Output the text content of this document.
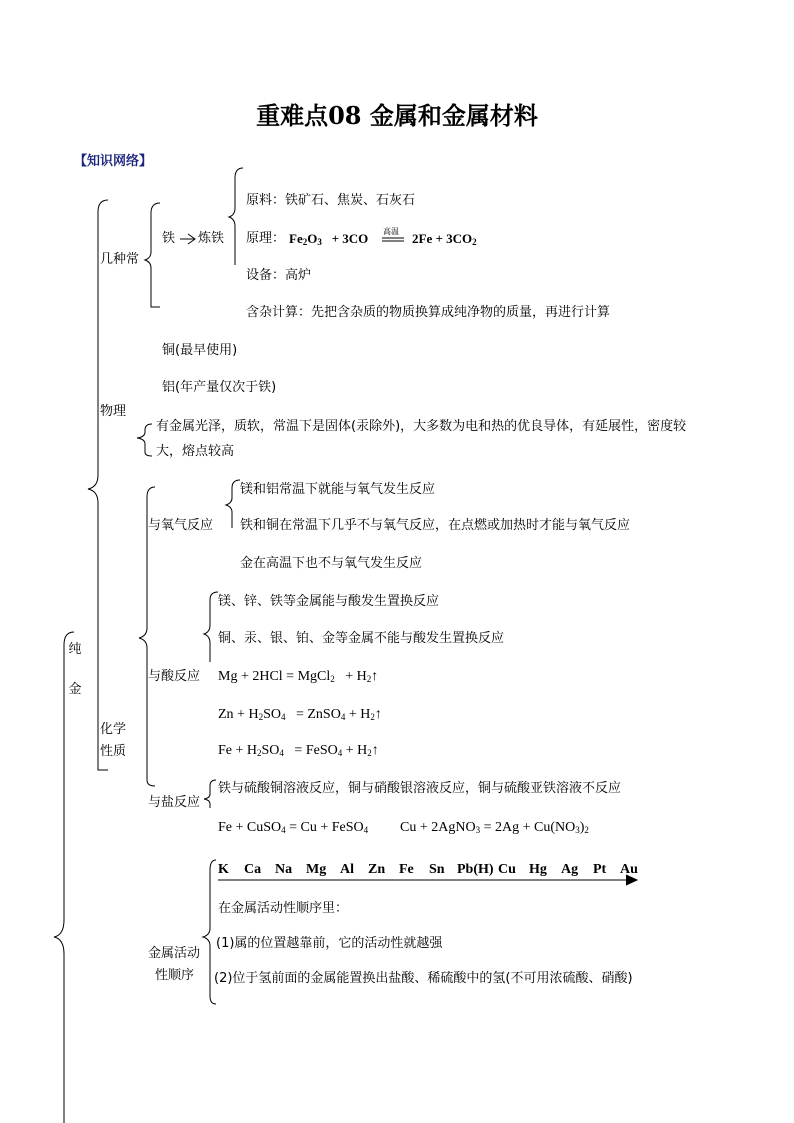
重难点08 金属和金属材料
【知识网络】
纯
金
几种常
物理
化学
性质
铁 炼铁
原料：铁矿石、焦炭、石灰石
原理： $Fe_2O_3 + 3CO$ 高温 $2Fe + 3CO_2$
设备：高炉
含杂计算：先把含杂质的物质换算成纯净物的质量，再进行计算
铜(最早使用)
铝(年产量仅次于铁)
有金属光泽，质软，常温下是固体(汞除外)，大多数为电和热的优良导体，有延展性，密度较
大，熔点较高
与氧气反应
镁和铝常温下就能与氧气发生反应
铁和铜在常温下几乎不与氧气反应，在点燃或加热时才能与氧气反应
金在高温下也不与氧气发生反应
与酸反应
镁、锌、铁等金属能与酸发生置换反应
铜、汞、银、铂、金等金属不能与酸发生置换反应
Mg + 2HCl = MgCl$_2$   + $H_2↑$
$Zn + H_2SO_4$   = ZnSO$_4$ + $H_2↑$
$Fe + H_2SO_4$   = FeSO$_4$ + $H_2↑$
与盐反应
铁与硫酸铜溶液反应，铜与硝酸银溶液反应，铜与硫酸亚铁溶液不反应
Fe + CuSO$_4$ = Cu + FeSO$_4$ Cu + 2AgNO$_3$ = $2Ag + Cu(NO_3)_2$
金属活动
性顺序
K Ca Na Mg Al Zn Fe Sn Pb(H) Cu Hg Ag Pt Au
在金属活动性顺序里：
(1)属的位置越靠前，它的活动性就越强
(2)位于氢前面的金属能置换出盐酸、稀硫酸中的氢(不可用浓硫酸、硝酸)
